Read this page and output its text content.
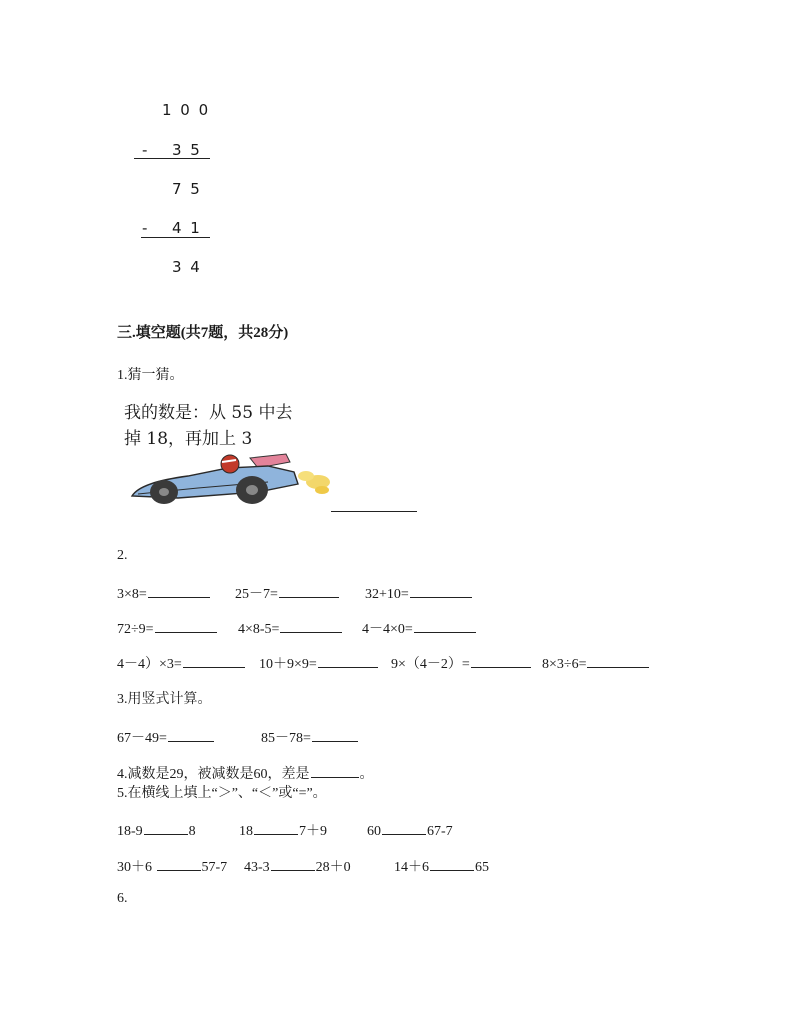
1 0 0
- 3 5
7 5
- 4 1
3 4
三.填空题(共7题，共28分)
1.猜一猜。
我的数是：从 55 中去
掉 18，再加上 3
2.
3×8=	25－7=	32+10=
72÷9=	4×8-5=	4－4×0=
4－4）×3=	10＋9×9=	9×（4－2）=	8×3÷6=
3.用竖式计算。
67－49=	85－78=
4.减数是29，被减数是60，差是	。
5.在横线上填上“＞”、“＜”或“=”。
18-9	8	18	7＋9	60	67-7
30＋6	57-7 43-3	28＋0	14＋6	65
6.
